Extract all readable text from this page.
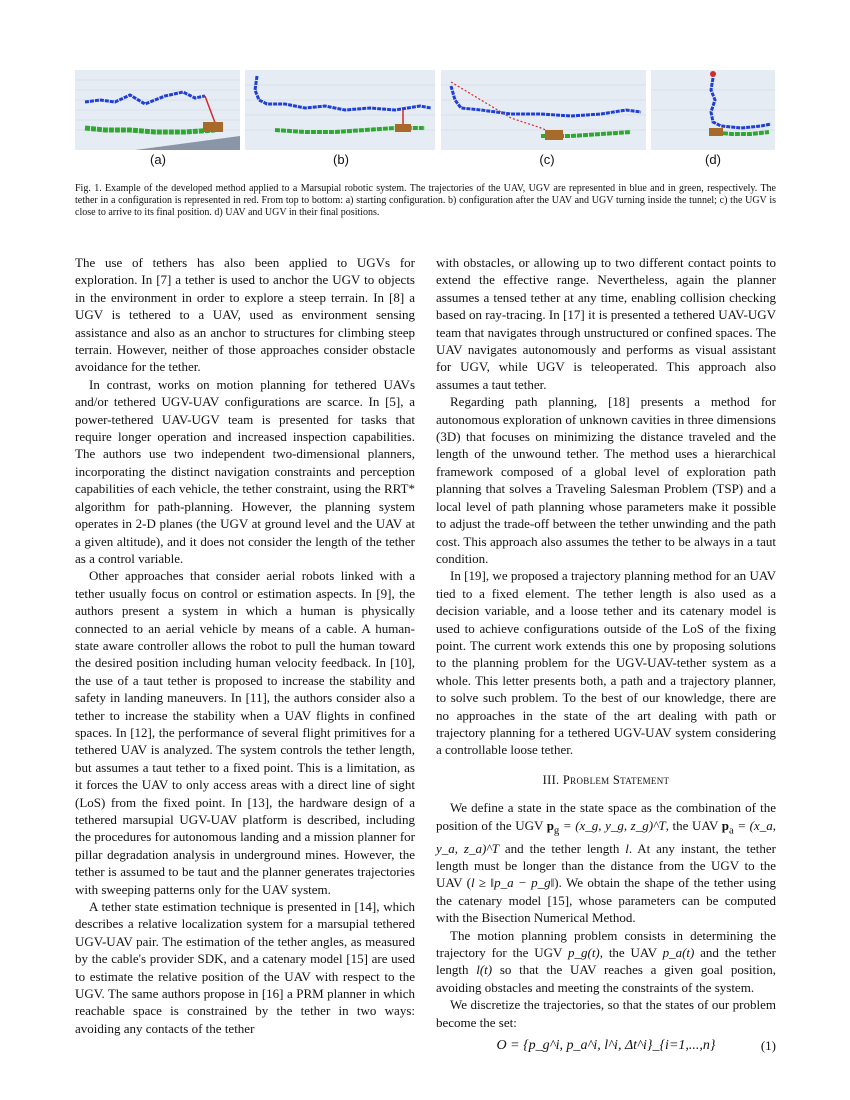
(a)	(b)	(c)	(d)

Fig. 1. Example of the developed method applied to a Marsupial robotic system. The trajectories of the UAV, UGV are represented in blue and in green, respectively. The tether in a configuration is represented in red. From top to bottom: a) starting configuration. b) configuration after the UAV and UGV turning inside the tunnel; c) the UGV is close to arrive to its final position. d) UAV and UGV in their final positions.

The use of tethers has also been applied to UGVs for exploration. In [7] a tether is used to anchor the UGV to objects in the environment in order to explore a steep terrain. In [8] a UGV is tethered to a UAV, used as environment sensing assistance and also as an anchor to structures for climbing steep terrain. However, neither of those approaches consider obstacle avoidance for the tether.

In contrast, works on motion planning for tethered UAVs and/or tethered UGV-UAV configurations are scarce. In [5], a power-tethered UAV-UGV team is presented for tasks that require longer operation and increased inspection capabilities. The authors use two independent two-dimensional planners, incorporating the distinct navigation constraints and perception capabilities of each vehicle, the tether constraint, using the RRT* algorithm for path-planning. However, the planning system operates in 2-D planes (the UGV at ground level and the UAV at a given altitude), and it does not consider the length of the tether as a control variable.

Other approaches that consider aerial robots linked with a tether usually focus on control or estimation aspects. In [9], the authors present a system in which a human is physically connected to an aerial vehicle by means of a cable. A human-state aware controller allows the robot to pull the human toward the desired position including human velocity feedback. In [10], the use of a taut tether is proposed to increase the stability and safety in landing maneuvers. In [11], the authors consider also a tether to increase the stability when a UAV flights in confined spaces. In [12], the performance of several flight primitives for a tethered UAV is analyzed. The system controls the tether length, but assumes a taut tether to a fixed point. This is a limitation, as it forces the UAV to only access areas with a direct line of sight (LoS) from the fixed point. In [13], the hardware design of a tethered marsupial UGV-UAV platform is described, including the procedures for autonomous landing and a mission planner for pillar degradation analysis in underground mines. However, the tether is assumed to be taut and the planner generates trajectories with sweeping patterns only for the UAV system.

A tether state estimation technique is presented in [14], which describes a relative localization system for a marsupial tethered UGV-UAV pair. The estimation of the tether angles, as measured by the cable's provider SDK, and a catenary model [15] are used to estimate the relative position of the UAV with respect to the UGV. The same authors propose in [16] a PRM planner in which reachable space is constrained by the tether in two ways: avoiding any contacts of the tether

with obstacles, or allowing up to two different contact points to extend the effective range. Nevertheless, again the planner assumes a tensed tether at any time, enabling collision checking based on ray-tracing. In [17] it is presented a tethered UAV-UGV team that navigates through unstructured or confined spaces. The UAV navigates autonomously and performs as visual assistant for UGV, while UGV is teleoperated. This approach also assumes a taut tether.

Regarding path planning, [18] presents a method for autonomous exploration of unknown cavities in three dimensions (3D) that focuses on minimizing the distance traveled and the length of the unwound tether. The method uses a hierarchical framework composed of a global level of exploration path planning that solves a Traveling Salesman Problem (TSP) and a local level of path planning whose parameters make it possible to adjust the trade-off between the tether unwinding and the path cost. This approach also assumes the tether to be always in a taut condition.

In [19], we proposed a trajectory planning method for an UAV tied to a fixed element. The tether length is also used as a decision variable, and a loose tether and its catenary model is used to achieve configurations outside of the LoS of the fixing point. The current work extends this one by proposing solutions to the planning problem for the UGV-UAV-tether system as a whole. This letter presents both, a path and a trajectory planner, to solve such problem. To the best of our knowledge, there are no approaches in the state of the art dealing with path or trajectory planning for a tethered UGV-UAV system considering a controllable loose tether.

III. Problem Statement

We define a state in the state space as the combination of the position of the UGV $p_g$ = (x_g, y_g, z_g)^T, the UAV $p_a$ = (x_a, y_a, z_a)^T and the tether length l. At any instant, the tether length must be longer than the distance from the UGV to the UAV (l ≥ ‖p_a − p_g‖). We obtain the shape of the tether using the catenary model [15], whose parameters can be computed with the Bisection Numerical Method.

The motion planning problem consists in determining the trajectory for the UGV p_g(t), the UAV p_a(t) and the tether length l(t) so that the UAV reaches a given goal position, avoiding obstacles and meeting the constraints of the system.

We discretize the trajectories, so that the states of our problem become the set:

O = {p_g^i, p_a^i, l^i, Δt^i}_{i=1,...,n}	(1)
